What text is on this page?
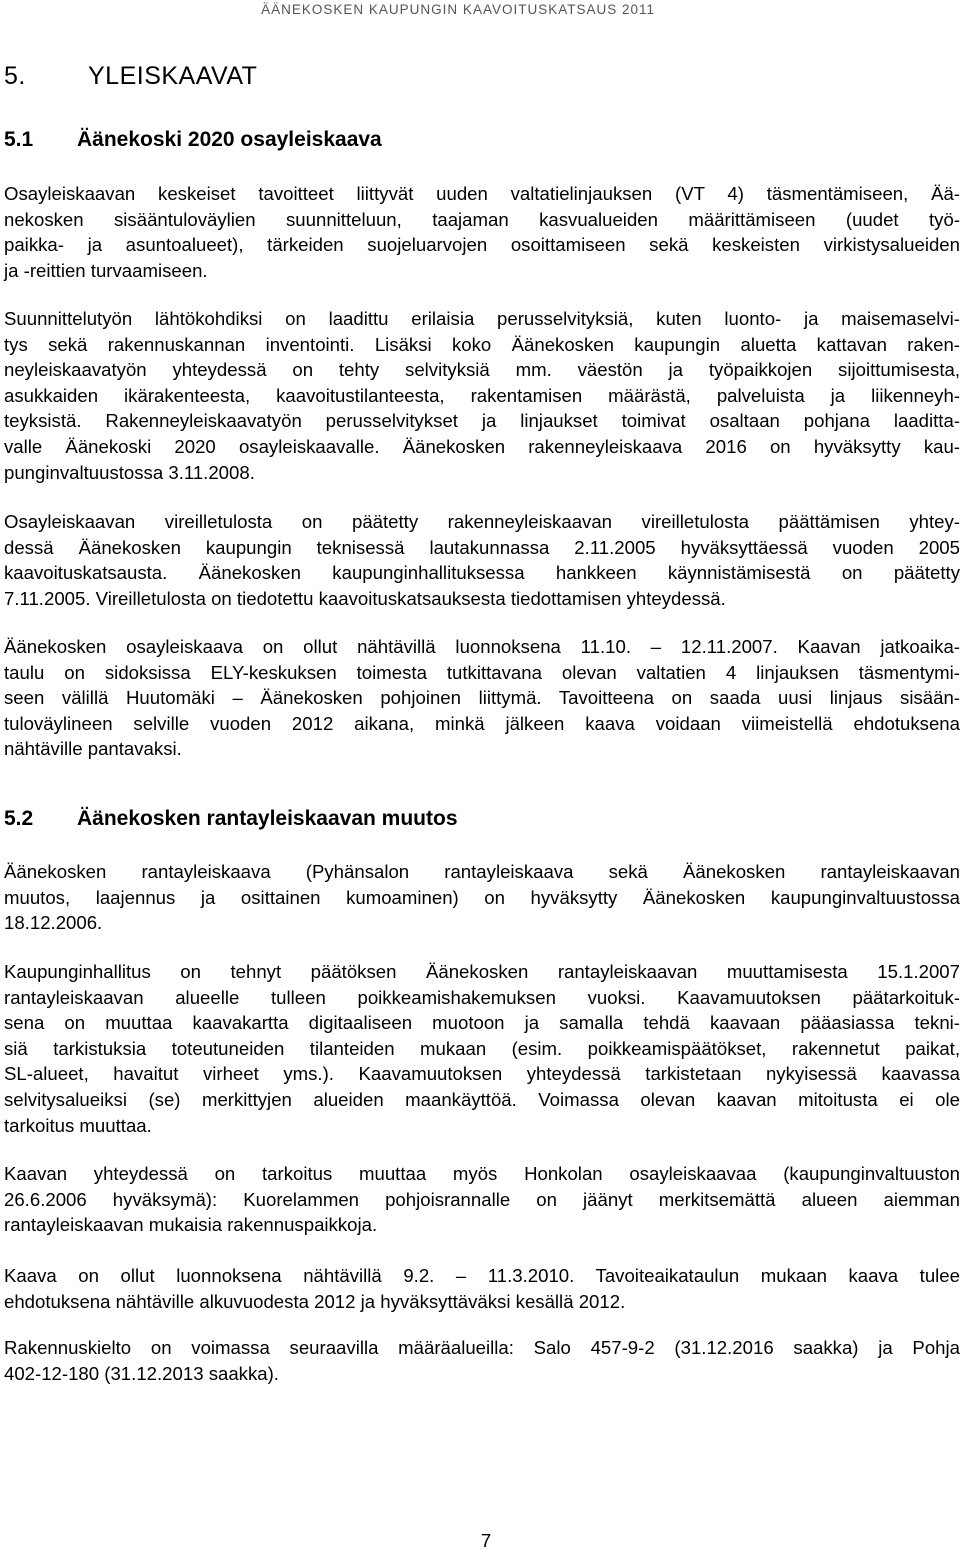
ÄÄNEKOSKEN KAUPUNGIN KAAVOITUSKATSAUS 2011
5. YLEISKAAVAT
5.1 Äänekoski 2020 osayleiskaava
Osayleiskaavan keskeiset tavoitteet liittyvät uuden valtatielinjauksen (VT 4) täsmentämiseen, Ää-
nekosken sisääntuloväylien suunnitteluun, taajaman kasvualueiden määrittämiseen (uudet työ-
paikka- ja asuntoalueet), tärkeiden suojeluarvojen osoittamiseen sekä keskeisten virkistysalueiden
ja -reittien turvaamiseen.
Suunnittelutyön lähtökohdiksi on laadittu erilaisia perusselvityksiä, kuten luonto- ja maisemaselvi-
tys sekä rakennuskannan inventointi. Lisäksi koko Äänekosken kaupungin aluetta kattavan raken-
neyleiskaavatyön yhteydessä on tehty selvityksiä mm. väestön ja työpaikkojen sijoittumisesta,
asukkaiden ikärakenteesta, kaavoitustilanteesta, rakentamisen määrästä, palveluista ja liikenneyh-
teyksistä. Rakenneyleiskaavatyön perusselvitykset ja linjaukset toimivat osaltaan pohjana laaditta-
valle Äänekoski 2020 osayleiskaavalle. Äänekosken rakenneyleiskaava 2016 on hyväksytty kau-
punginvaltuustossa 3.11.2008.
Osayleiskaavan vireilletulosta on päätetty rakenneyleiskaavan vireilletulosta päättämisen yhtey-
dessä Äänekosken kaupungin teknisessä lautakunnassa 2.11.2005 hyväksyttäessä vuoden 2005
kaavoituskatsausta. Äänekosken kaupunginhallituksessa hankkeen käynnistämisestä on päätetty
7.11.2005. Vireilletulosta on tiedotettu kaavoituskatsauksesta tiedottamisen yhteydessä.
Äänekosken osayleiskaava on ollut nähtävillä luonnoksena 11.10. – 12.11.2007. Kaavan jatkoaika-
taulu on sidoksissa ELY-keskuksen toimesta tutkittavana olevan valtatien 4 linjauksen täsmentymi-
seen välillä Huutomäki – Äänekosken pohjoinen liittymä. Tavoitteena on saada uusi linjaus sisään-
tuloväylineen selville vuoden 2012 aikana, minkä jälkeen kaava voidaan viimeistellä ehdotuksena
nähtäville pantavaksi.
5.2 Äänekosken rantayleiskaavan muutos
Äänekosken rantayleiskaava (Pyhänsalon rantayleiskaava sekä Äänekosken rantayleiskaavan
muutos, laajennus ja osittainen kumoaminen) on hyväksytty Äänekosken kaupunginvaltuustossa
18.12.2006.
Kaupunginhallitus on tehnyt päätöksen Äänekosken rantayleiskaavan muuttamisesta 15.1.2007
rantayleiskaavan alueelle tulleen poikkeamishakemuksen vuoksi. Kaavamuutoksen päätarkoituk-
sena on muuttaa kaavakartta digitaaliseen muotoon ja samalla tehdä kaavaan pääasiassa tekni-
siä tarkistuksia toteutuneiden tilanteiden mukaan (esim. poikkeamispäätökset, rakennetut paikat,
SL-alueet, havaitut virheet yms.). Kaavamuutoksen yhteydessä tarkistetaan nykyisessä kaavassa
selvitysalueiksi (se) merkittyjen alueiden maankäyttöä. Voimassa olevan kaavan mitoitusta ei ole
tarkoitus muuttaa.
Kaavan yhteydessä on tarkoitus muuttaa myös Honkolan osayleiskaavaa (kaupunginvaltuuston
26.6.2006 hyväksymä): Kuorelammen pohjoisrannalle on jäänyt merkitsemättä alueen aiemman
rantayleiskaavan mukaisia rakennuspaikkoja.
Kaava on ollut luonnoksena nähtävillä 9.2. – 11.3.2010. Tavoiteaikataulun mukaan kaava tulee
ehdotuksena nähtäville alkuvuodesta 2012 ja hyväksyttäväksi kesällä 2012.
Rakennuskielto on voimassa seuraavilla määräalueilla: Salo 457-9-2 (31.12.2016 saakka) ja Pohja
402-12-180 (31.12.2013 saakka).
7
